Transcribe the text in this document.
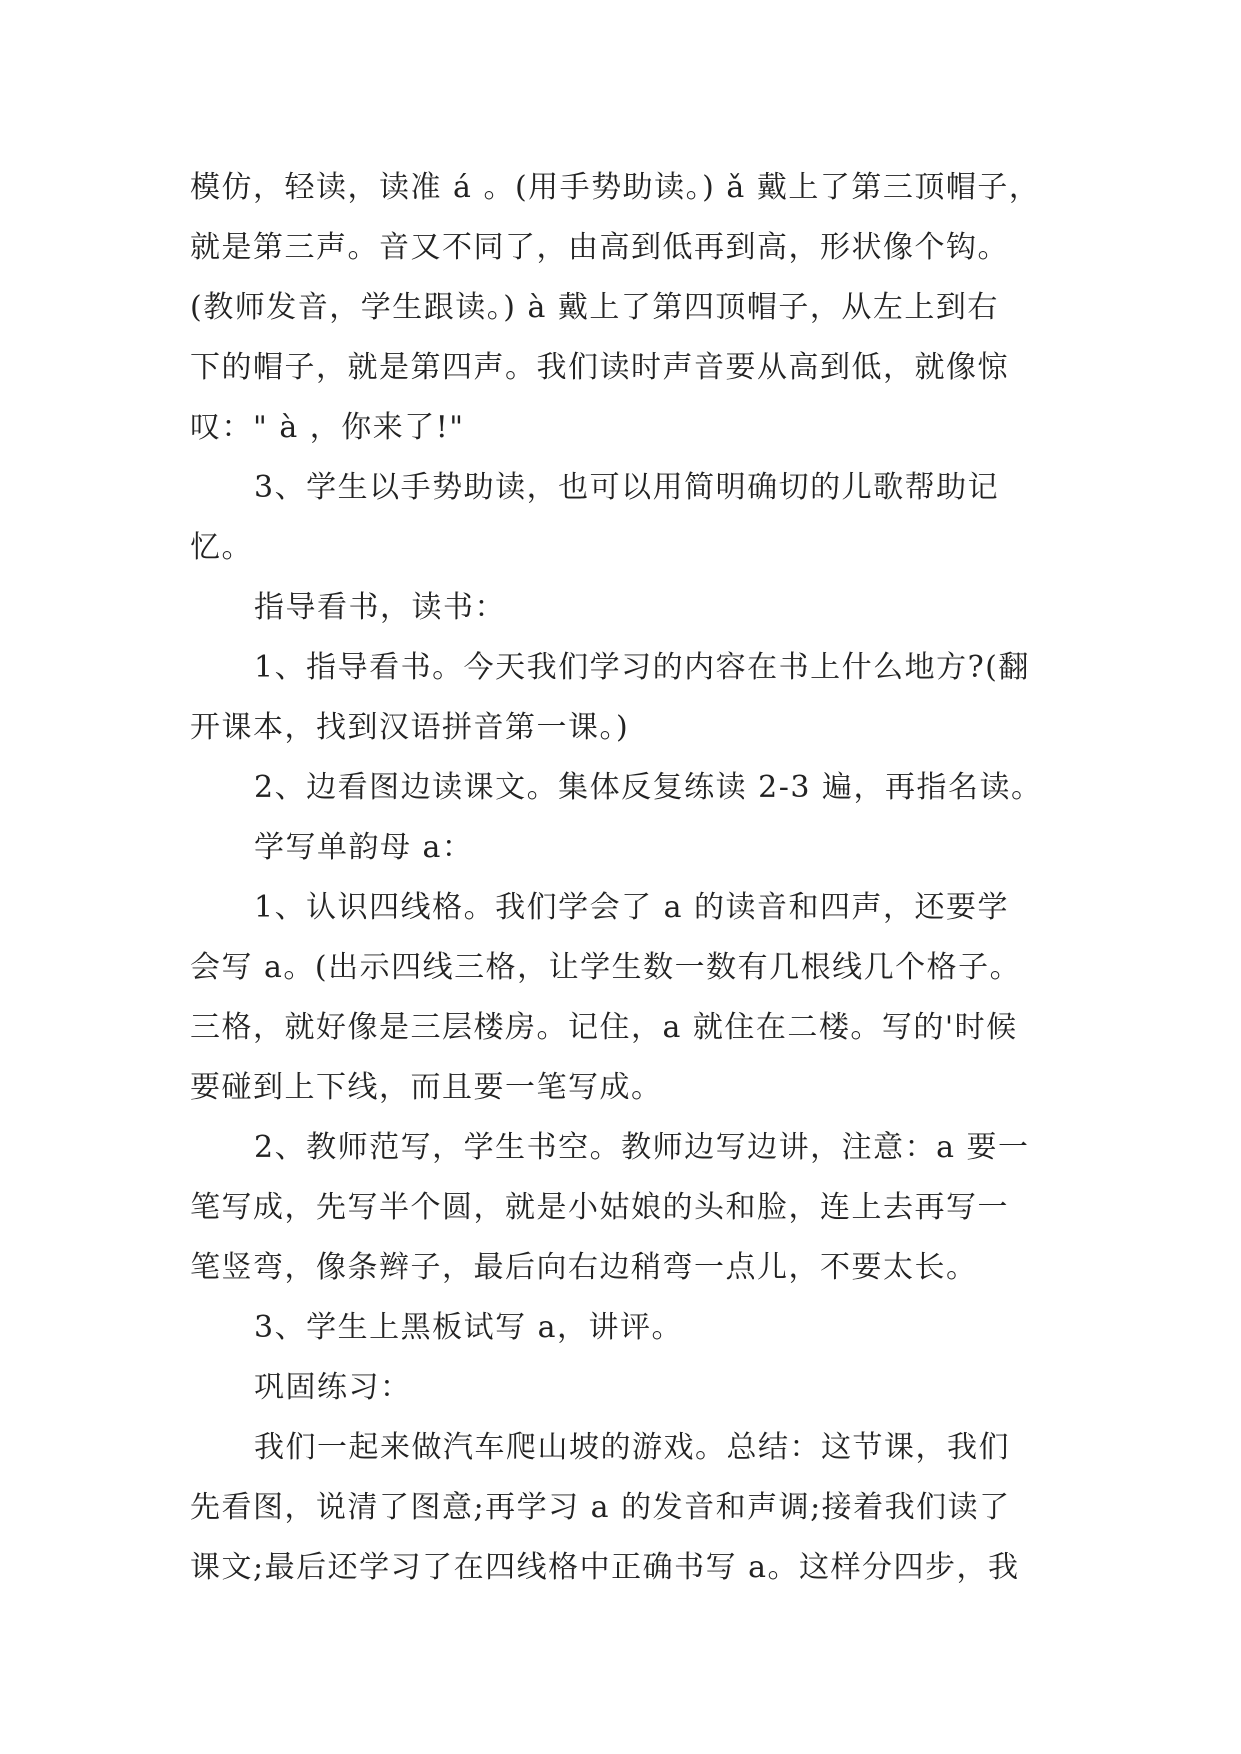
模仿，轻读，读准 á 。(用手势助读。) ǎ 戴上了第三顶帽子，
就是第三声。音又不同了，由高到低再到高，形状像个钩。
(教师发音，学生跟读。) à 戴上了第四顶帽子，从左上到右
下的帽子，就是第四声。我们读时声音要从高到低，就像惊
叹：" à ，你来了!"
3、学生以手势助读，也可以用简明确切的儿歌帮助记
忆。
指导看书，读书：
1、指导看书。今天我们学习的内容在书上什么地方?(翻
开课本，找到汉语拼音第一课。)
2、边看图边读课文。集体反复练读 2-3 遍，再指名读。
学写单韵母 a：
1、认识四线格。我们学会了 a 的读音和四声，还要学
会写 a。(出示四线三格，让学生数一数有几根线几个格子。
三格，就好像是三层楼房。记住，a 就住在二楼。写的'时候
要碰到上下线，而且要一笔写成。
2、教师范写，学生书空。教师边写边讲，注意：a 要一
笔写成，先写半个圆，就是小姑娘的头和脸，连上去再写一
笔竖弯，像条辫子，最后向右边稍弯一点儿，不要太长。
3、学生上黑板试写 a，讲评。
巩固练习：
我们一起来做汽车爬山坡的游戏。总结：这节课，我们
先看图，说清了图意;再学习 a 的发音和声调;接着我们读了
课文;最后还学习了在四线格中正确书写 a。这样分四步，我
